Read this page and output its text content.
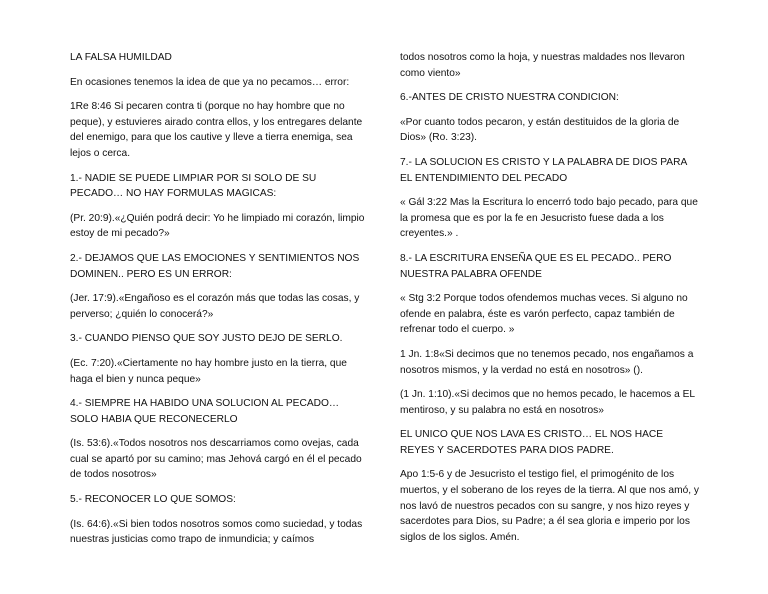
LA FALSA HUMILDAD

En ocasiones tenemos la idea de que ya no pecamos… error:

1Re 8:46 Si pecaren contra ti (porque no hay hombre que no peque), y estuvieres airado contra ellos, y los entregares delante del enemigo, para que los cautive y lleve a tierra enemiga, sea lejos o cerca.

1.- NADIE SE PUEDE LIMPIAR POR SI SOLO DE SU PECADO… NO HAY FORMULAS MAGICAS:

(Pr. 20:9).«¿Quién podrá decir: Yo he limpiado mi corazón, limpio estoy de mi pecado?»

2.- DEJAMOS QUE LAS EMOCIONES Y SENTIMIENTOS NOS DOMINEN.. PERO ES UN ERROR:

(Jer. 17:9).«Engañoso es el corazón más que todas las cosas, y perverso; ¿quién lo conocerá?»

3.- CUANDO PIENSO QUE SOY JUSTO DEJO DE SERLO.

(Ec. 7:20).«Ciertamente no hay hombre justo en la tierra, que haga el bien y nunca peque»

4.- SIEMPRE HA HABIDO UNA SOLUCION AL PECADO… SOLO HABIA QUE RECONECERLO

(Is. 53:6).«Todos nosotros nos descarriamos como ovejas, cada cual se apartó por su camino; mas Jehová cargó en él el pecado de todos nosotros»

5.- RECONOCER LO QUE SOMOS:

(Is. 64:6).«Si bien todos nosotros somos como suciedad, y todas nuestras justicias como trapo de inmundicia; y caímos

todos nosotros como la hoja, y nuestras maldades nos llevaron como viento»

6.-ANTES DE CRISTO NUESTRA CONDICION:

«Por cuanto todos pecaron, y están destituidos de la gloria de Dios» (Ro. 3:23).

7.- LA SOLUCION ES CRISTO Y LA PALABRA DE DIOS PARA EL ENTENDIMIENTO DEL PECADO

« Gál 3:22 Mas la Escritura lo encerró todo bajo pecado, para que la promesa que es por la fe en Jesucristo fuese dada a los creyentes.» .

8.- LA ESCRITURA ENSEÑA QUE ES EL PECADO.. PERO NUESTRA PALABRA OFENDE

« Stg 3:2 Porque todos ofendemos muchas veces. Si alguno no ofende en palabra, éste es varón perfecto, capaz también de refrenar todo el cuerpo. »

1 Jn. 1:8«Si decimos que no tenemos pecado, nos engañamos a nosotros mismos, y la verdad no está en nosotros» ().

(1 Jn. 1:10).«Si decimos que no hemos pecado, le hacemos a EL mentiroso, y su palabra no está en nosotros»

EL UNICO QUE NOS LAVA ES CRISTO… EL NOS HACE REYES Y SACERDOTES PARA DIOS PADRE.

Apo 1:5-6 y de Jesucristo el testigo fiel, el primogénito de los muertos, y el soberano de los reyes de la tierra. Al que nos amó, y nos lavó de nuestros pecados con su sangre, y nos hizo reyes y sacerdotes para Dios, su Padre; a él sea gloria e imperio por los siglos de los siglos. Amén.
